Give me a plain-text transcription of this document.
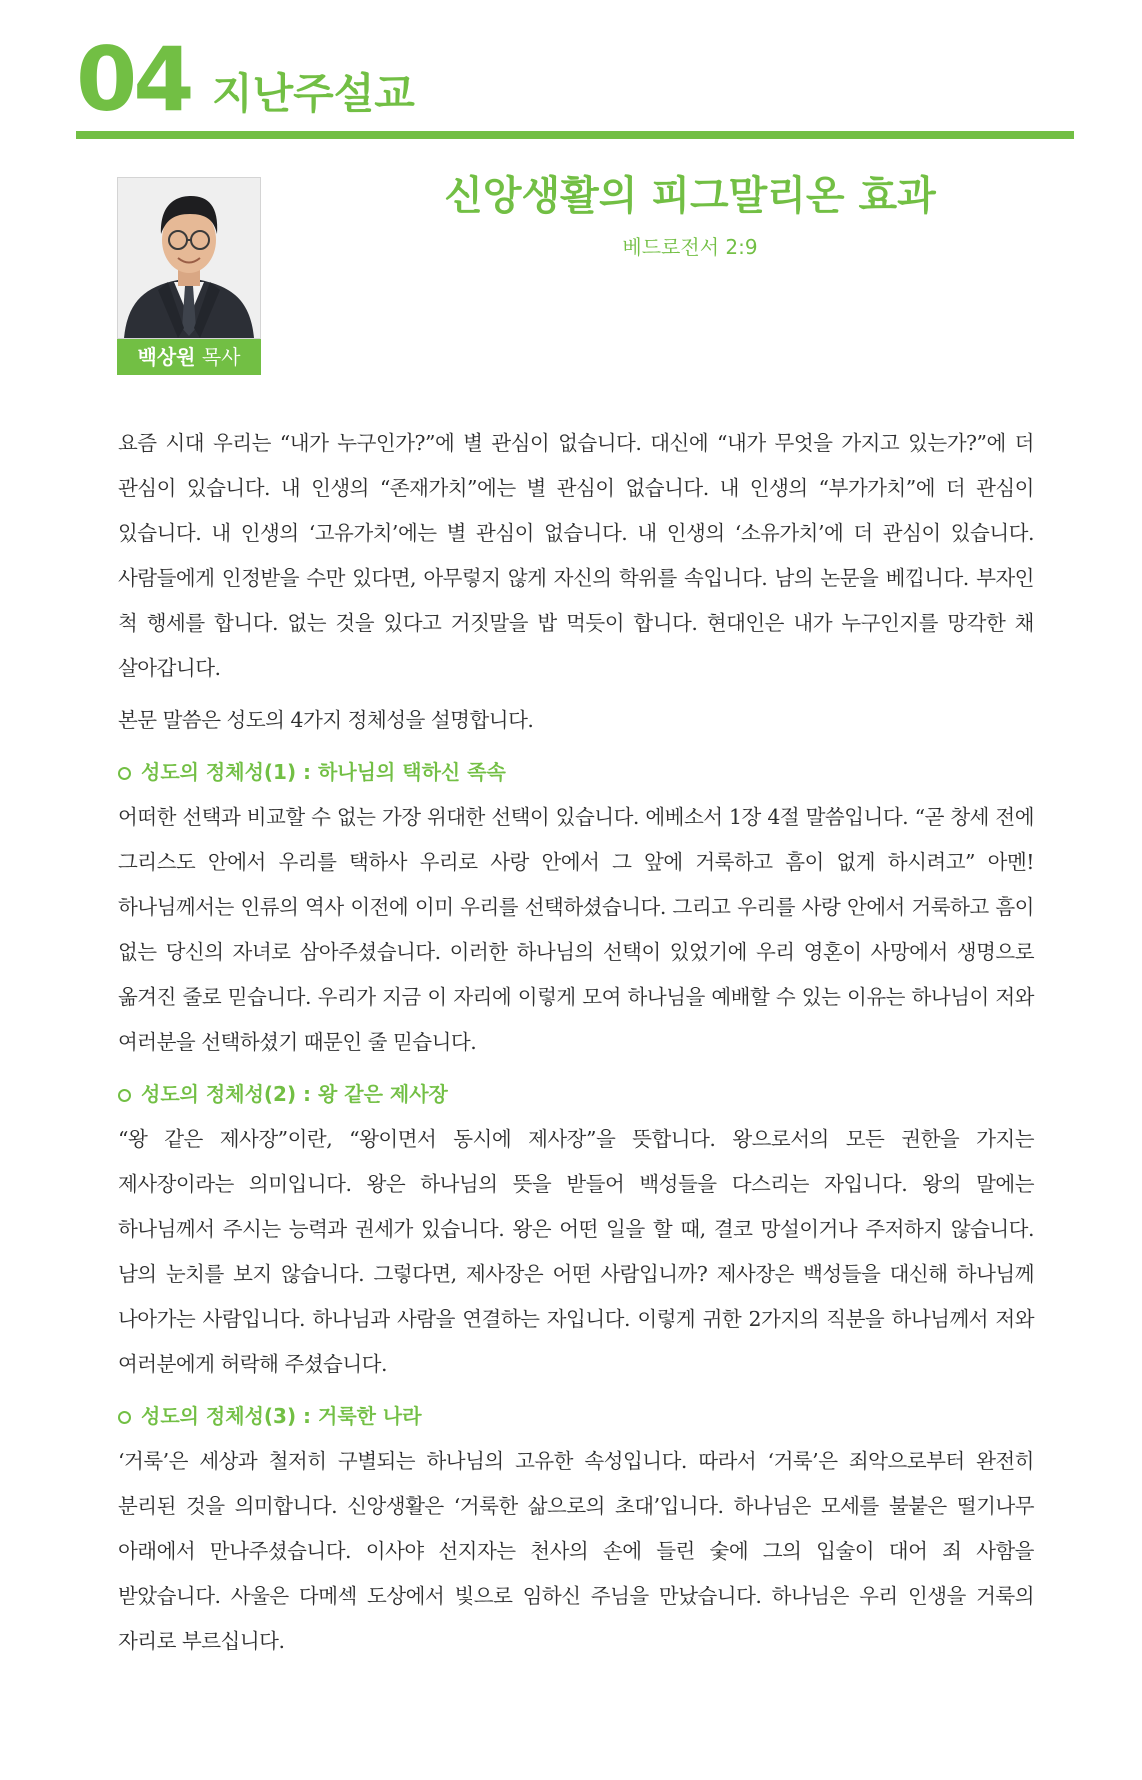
04 지난주설교
백상원 목사
신앙생활의 피그말리온 효과
베드로전서 2:9

요즘 시대 우리는 “내가 누구인가?”에 별 관심이 없습니다. 대신에 “내가 무엇을 가지고 있는가?”에 더 관심이 있습니다. 내 인생의 “존재가치”에는 별 관심이 없습니다. 내 인생의 “부가가치”에 더 관심이 있습니다. 내 인생의 ‘고유가치’에는 별 관심이 없습니다. 내 인생의 ‘소유가치’에 더 관심이 있습니다. 사람들에게 인정받을 수만 있다면, 아무렇지 않게 자신의 학위를 속입니다. 남의 논문을 베낍니다. 부자인 척 행세를 합니다. 없는 것을 있다고 거짓말을 밥 먹듯이 합니다. 현대인은 내가 누구인지를 망각한 채 살아갑니다.

본문 말씀은 성도의 4가지 정체성을 설명합니다.

성도의 정체성(1) : 하나님의 택하신 족속

어떠한 선택과 비교할 수 없는 가장 위대한 선택이 있습니다. 에베소서 1장 4절 말씀입니다. “곧 창세 전에 그리스도 안에서 우리를 택하사 우리로 사랑 안에서 그 앞에 거룩하고 흠이 없게 하시려고” 아멘! 하나님께서는 인류의 역사 이전에 이미 우리를 선택하셨습니다. 그리고 우리를 사랑 안에서 거룩하고 흠이 없는 당신의 자녀로 삼아주셨습니다. 이러한 하나님의 선택이 있었기에 우리 영혼이 사망에서 생명으로 옮겨진 줄로 믿습니다. 우리가 지금 이 자리에 이렇게 모여 하나님을 예배할 수 있는 이유는 하나님이 저와 여러분을 선택하셨기 때문인 줄 믿습니다.

성도의 정체성(2) : 왕 같은 제사장

“왕 같은 제사장”이란, “왕이면서 동시에 제사장”을 뜻합니다. 왕으로서의 모든 권한을 가지는 제사장이라는 의미입니다. 왕은 하나님의 뜻을 받들어 백성들을 다스리는 자입니다. 왕의 말에는 하나님께서 주시는 능력과 권세가 있습니다. 왕은 어떤 일을 할 때, 결코 망설이거나 주저하지 않습니다. 남의 눈치를 보지 않습니다. 그렇다면, 제사장은 어떤 사람입니까? 제사장은 백성들을 대신해 하나님께 나아가는 사람입니다. 하나님과 사람을 연결하는 자입니다. 이렇게 귀한 2가지의 직분을 하나님께서 저와 여러분에게 허락해 주셨습니다.

성도의 정체성(3) : 거룩한 나라

‘거룩’은 세상과 철저히 구별되는 하나님의 고유한 속성입니다. 따라서 ‘거룩’은 죄악으로부터 완전히 분리된 것을 의미합니다. 신앙생활은 ‘거룩한 삶으로의 초대’입니다. 하나님은 모세를 불붙은 떨기나무 아래에서 만나주셨습니다. 이사야 선지자는 천사의 손에 들린 숯에 그의 입술이 대어 죄 사함을 받았습니다. 사울은 다메섹 도상에서 빛으로 임하신 주님을 만났습니다. 하나님은 우리 인생을 거룩의 자리로 부르십니다.
